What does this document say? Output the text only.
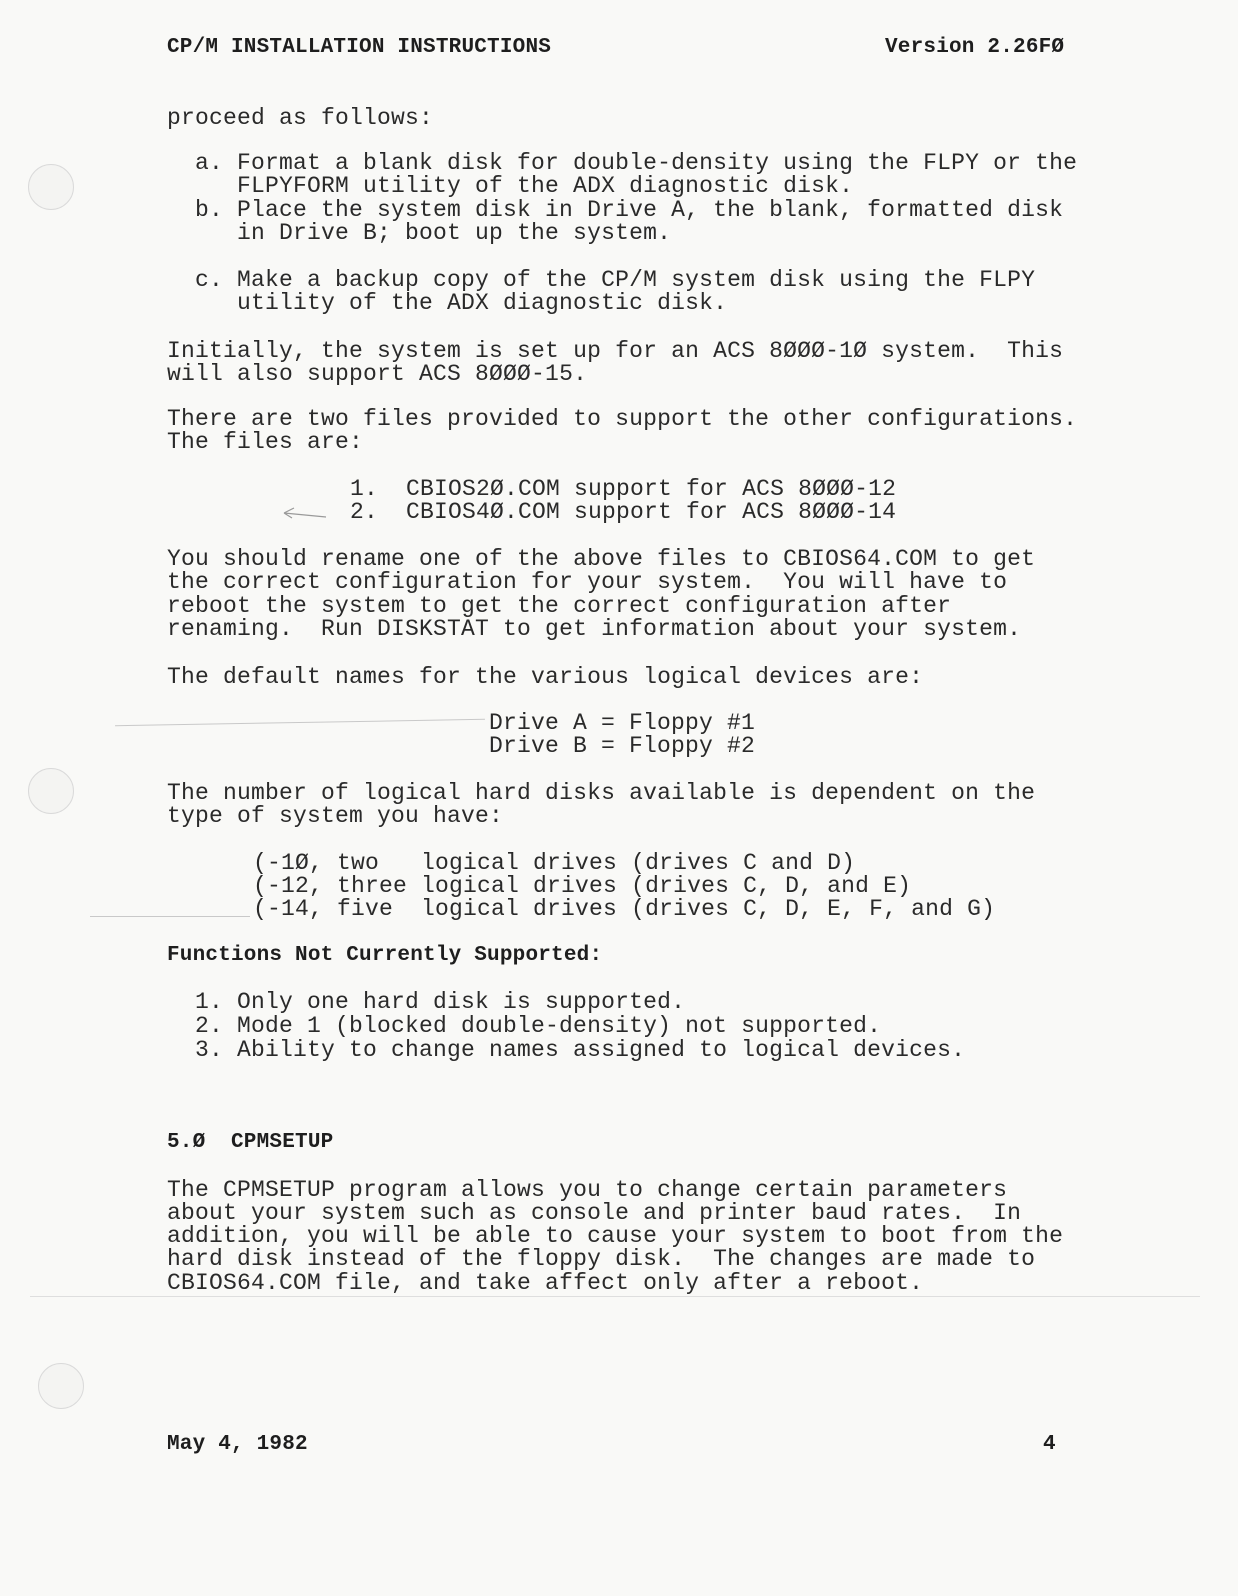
CP/M INSTALLATION INSTRUCTIONS	Version 2.26FØ
proceed as follows:
a. Format a blank disk for double-density using the FLPY or the
FLPYFORM utility of the ADX diagnostic disk.
b. Place the system disk in Drive A, the blank, formatted disk
in Drive B; boot up the system.
c. Make a backup copy of the CP/M system disk using the FLPY
utility of the ADX diagnostic disk.
Initially, the system is set up for an ACS 8ØØØ-1Ø system.  This
will also support ACS 8ØØØ-15.
There are two files provided to support the other configurations.
The files are:
1.  CBIOS2Ø.COM support for ACS 8ØØØ-12
2.  CBIOS4Ø.COM support for ACS 8ØØØ-14
You should rename one of the above files to CBIOS64.COM to get
the correct configuration for your system.  You will have to
reboot the system to get the correct configuration after
renaming.  Run DISKSTAT to get information about your system.
The default names for the various logical devices are:
Drive A = Floppy #1
Drive B = Floppy #2
The number of logical hard disks available is dependent on the
type of system you have:
(-1Ø, two   logical drives (drives C and D)
(-12, three logical drives (drives C, D, and E)
(-14, five  logical drives (drives C, D, E, F, and G)
Functions Not Currently Supported:
1. Only one hard disk is supported.
2. Mode 1 (blocked double-density) not supported.
3. Ability to change names assigned to logical devices.
5.Ø  CPMSETUP
The CPMSETUP program allows you to change certain parameters
about your system such as console and printer baud rates.  In
addition, you will be able to cause your system to boot from the
hard disk instead of the floppy disk.  The changes are made to
CBIOS64.COM file, and take affect only after a reboot.
May 4, 1982	4
